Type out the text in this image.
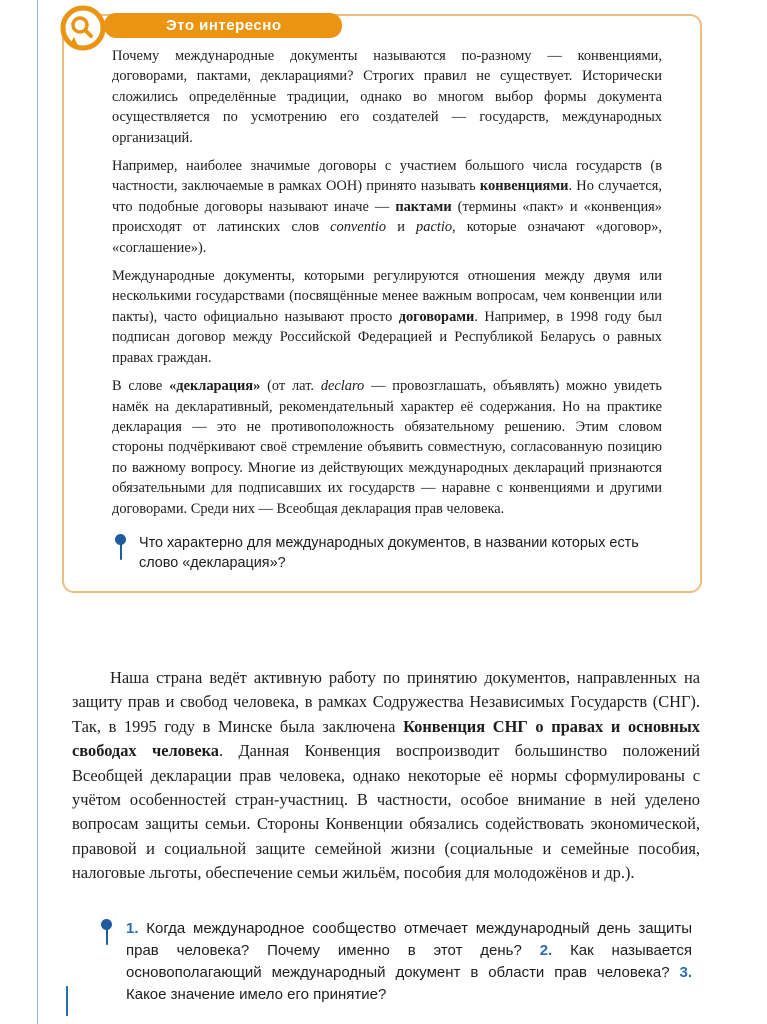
Это интересно

Почему международные документы называются по-разному — конвенциями, договорами, пактами, декларациями? Строгих правил не существует. Исторически сложились определённые традиции, однако во многом выбор формы документа осуществляется по усмотрению его создателей — государств, международных организаций.

Например, наиболее значимые договоры с участием большого числа государств (в частности, заключаемые в рамках ООН) принято называть конвенциями. Но случается, что подобные договоры называют иначе — пактами (термины «пакт» и «конвенция» происходят от латинских слов conventio и pactio, которые означают «договор», «соглашение»).

Международные документы, которыми регулируются отношения между двумя или несколькими государствами (посвящённые менее важным вопросам, чем конвенции или пакты), часто официально называют просто договорами. Например, в 1998 году был подписан договор между Российской Федерацией и Республикой Беларусь о равных правах граждан.

В слове «декларация» (от лат. declaro — провозглашать, объявлять) можно увидеть намёк на декларативный, рекомендательный характер её содержания. Но на практике декларация — это не противоположность обязательному решению. Этим словом стороны подчёркивают своё стремление объявить совместную, согласованную позицию по важному вопросу. Многие из действующих международных деклараций признаются обязательными для подписавших их государств — наравне с конвенциями и другими договорами. Среди них — Всеобщая декларация прав человека.

Что характерно для международных документов, в названии которых есть слово «декларация»?

Наша страна ведёт активную работу по принятию документов, направленных на защиту прав и свобод человека, в рамках Содружества Независимых Государств (СНГ). Так, в 1995 году в Минске была заключена Конвенция СНГ о правах и основных свободах человека. Данная Конвенция воспроизводит большинство положений Всеобщей декларации прав человека, однако некоторые её нормы сформулированы с учётом особенностей стран-участниц. В частности, особое внимание в ней уделено вопросам защиты семьи. Стороны Конвенции обязались содействовать экономической, правовой и социальной защите семейной жизни (социальные и семейные пособия, налоговые льготы, обеспечение семьи жильём, пособия для молодожёнов и др.).

1. Когда международное сообщество отмечает международный день защиты прав человека? Почему именно в этот день? 2. Как называется основополагающий международный документ в области прав человека? 3. Какое значение имело его принятие?
